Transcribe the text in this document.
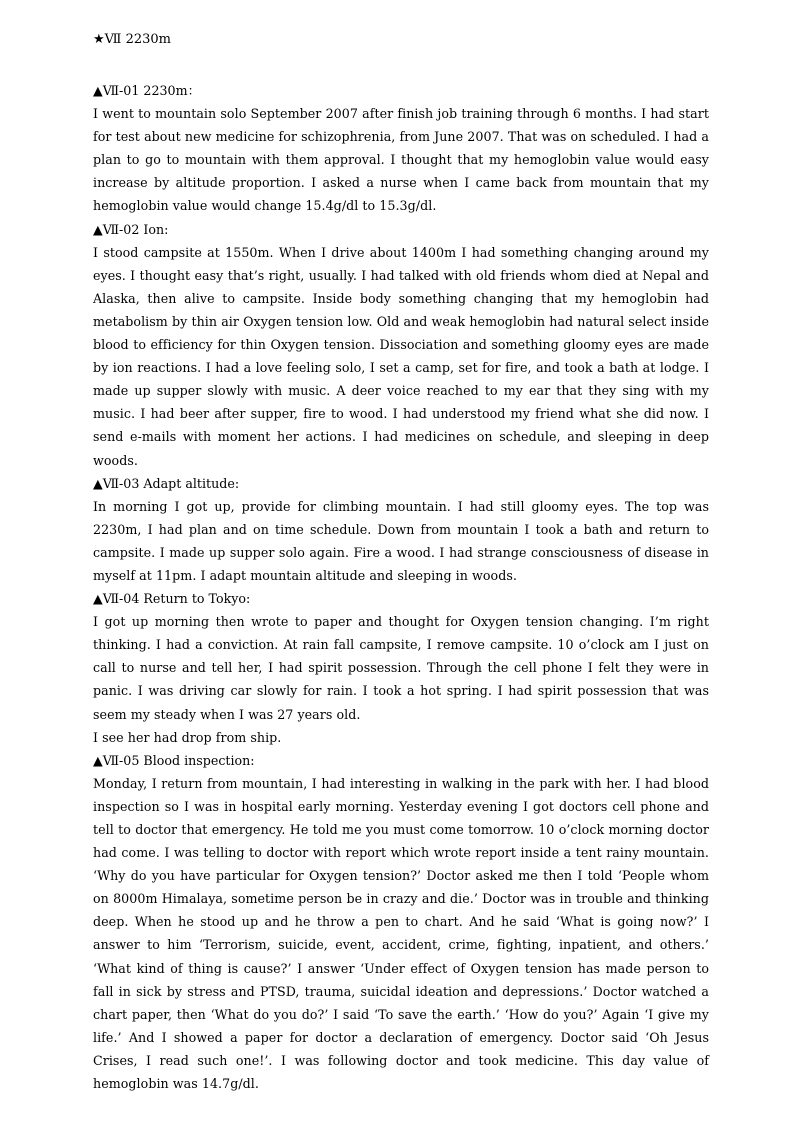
★Ⅶ 2230m
▲Ⅶ-01 2230m：

I went to mountain solo September 2007 after finish job training through 6 months. I had start for test about new medicine for schizophrenia, from June 2007. That was on scheduled. I had a plan to go to mountain with them approval. I thought that my hemoglobin value would easy increase by altitude proportion. I asked a nurse when I came back from mountain that my hemoglobin value would change 15.4g/dl to 15.3g/dl.

▲Ⅶ-02 Ion:

I stood campsite at 1550m. When I drive about 1400m I had something changing around my eyes. I thought easy that’s right, usually. I had talked with old friends whom died at Nepal and Alaska, then alive to campsite. Inside body something changing that my hemoglobin had metabolism by thin air Oxygen tension low. Old and weak hemoglobin had natural select inside blood to efficiency for thin Oxygen tension. Dissociation and something gloomy eyes are made by ion reactions. I had a love feeling solo, I set a camp, set for fire, and took a bath at lodge. I made up supper slowly with music. A deer voice reached to my ear that they sing with my music. I had beer after supper, fire to wood. I had understood my friend what she did now. I send e-mails with moment her actions. I had medicines on schedule, and sleeping in deep woods.

▲Ⅶ-03 Adapt altitude:

In morning I got up, provide for climbing mountain. I had still gloomy eyes. The top was 2230m, I had plan and on time schedule. Down from mountain I took a bath and return to campsite. I made up supper solo again. Fire a wood. I had strange consciousness of disease in myself at 11pm. I adapt mountain altitude and sleeping in woods.

▲Ⅶ-04 Return to Tokyo:

I got up morning then wrote to paper and thought for Oxygen tension changing. I’m right thinking. I had a conviction. At rain fall campsite, I remove campsite. 10 o’clock am I just on call to nurse and tell her, I had spirit possession. Through the cell phone I felt they were in panic. I was driving car slowly for rain. I took a hot spring. I had spirit possession that was seem my steady when I was 27 years old.

I see her had drop from ship.

▲Ⅶ-05 Blood inspection:

Monday, I return from mountain, I had interesting in walking in the park with her. I had blood inspection so I was in hospital early morning. Yesterday evening I got doctors cell phone and tell to doctor that emergency. He told me you must come tomorrow. 10 o’clock morning doctor had come. I was telling to doctor with report which wrote report inside a tent rainy mountain. ‘Why do you have particular for Oxygen tension?’ Doctor asked me then I told ‘People whom on 8000m Himalaya, sometime person be in crazy and die.’ Doctor was in trouble and thinking deep. When he stood up and he throw a pen to chart. And he said ‘What is going now?’ I answer to him ‘Terrorism, suicide, event, accident, crime, fighting, inpatient, and others.’ ‘What kind of thing is cause?’ I answer ‘Under effect of Oxygen tension has made person to fall in sick by stress and PTSD, trauma, suicidal ideation and depressions.’ Doctor watched a chart paper, then ‘What do you do?’ I said ‘To save the earth.’ ‘How do you?’ Again ‘I give my life.’ And I showed a paper for doctor a declaration of emergency. Doctor said ‘Oh Jesus Crises, I read such one!’. I was following doctor and took medicine. This day value of hemoglobin was 14.7g/dl.
